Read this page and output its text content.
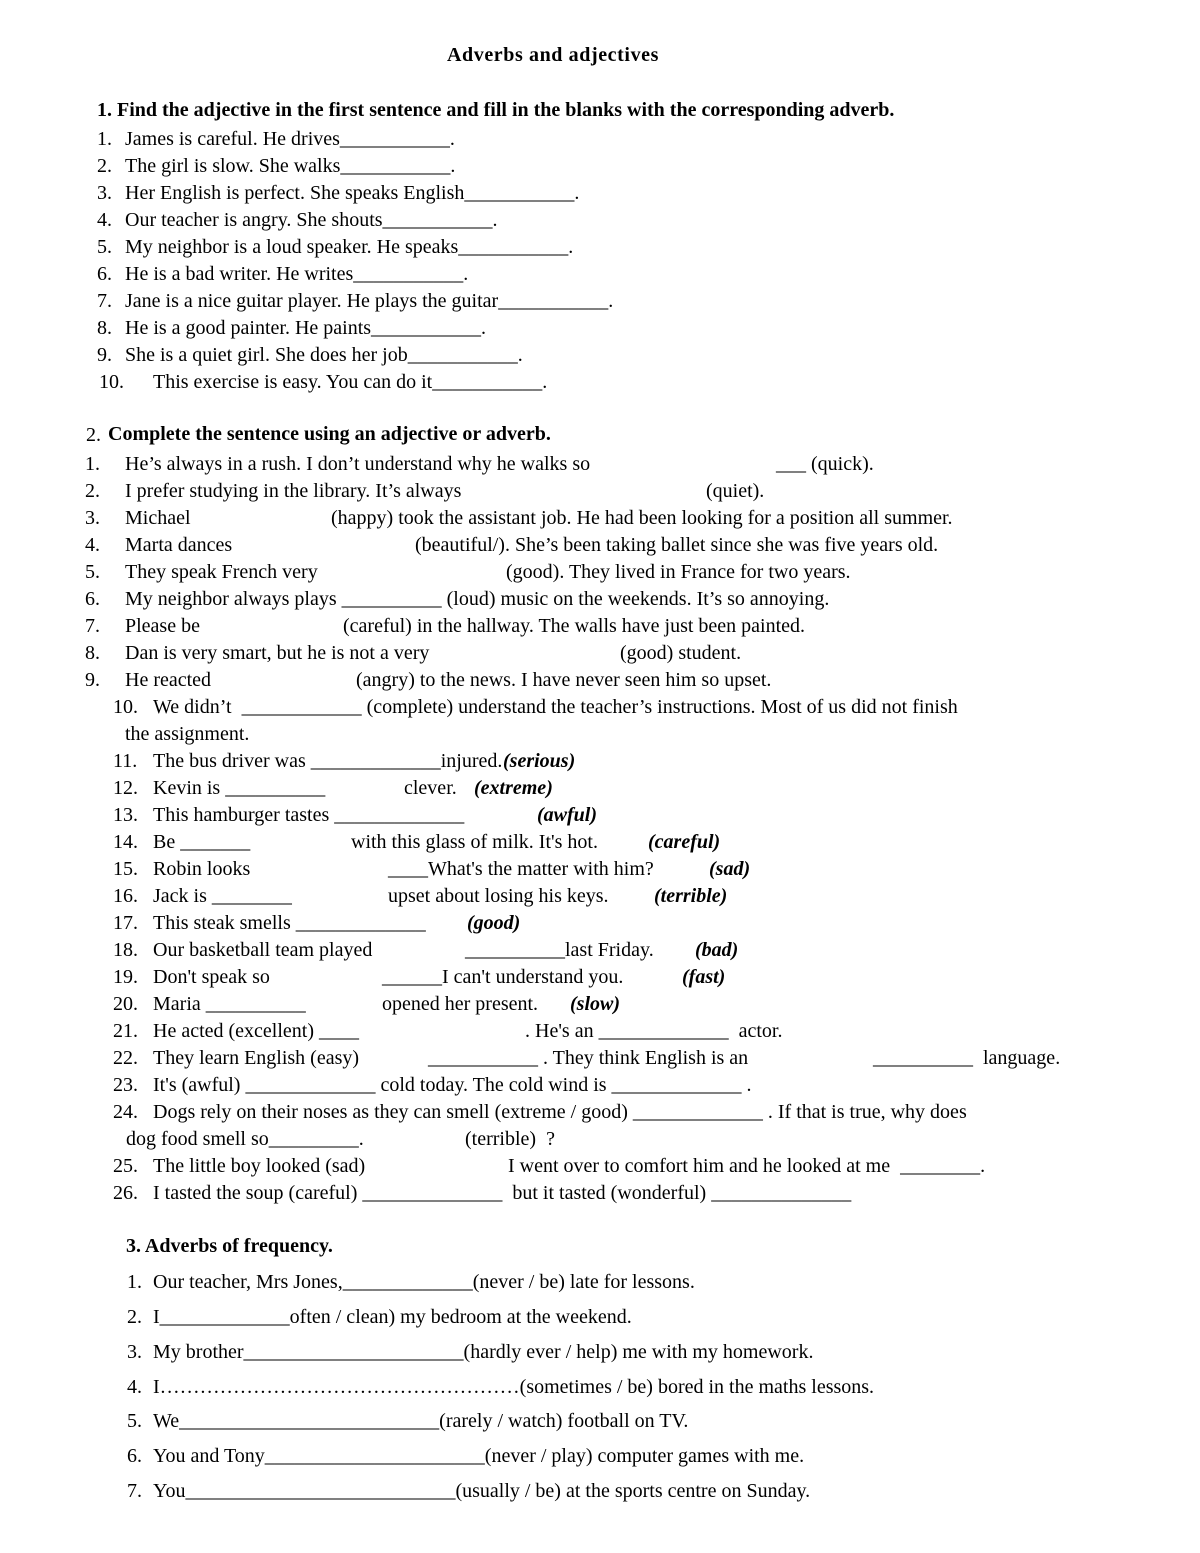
Adverbs and adjectives
1. Find the adjective in the first sentence and fill in the blanks with the corresponding adverb.
1. James is careful. He drives___________.
2. The girl is slow. She walks___________.
3. Her English is perfect. She speaks English___________.
4. Our teacher is angry. She shouts___________.
5. My neighbor is a loud speaker. He speaks___________.
6. He is a bad writer. He writes___________.
7. Jane is a nice guitar player. He plays the guitar___________.
8. He is a good painter. He paints___________.
9. She is a quiet girl. She does her job___________.
10. This exercise is easy. You can do it___________.
2. Complete the sentence using an adjective or adverb.
1. He’s always in a rush. I don’t understand why he walks so	___ (quick).
2. I prefer studying in the library. It’s always	(quiet).
3. Michael	(happy) took the assistant job. He had been looking for a position all summer.
4. Marta dances	(beautiful/). She’s been taking ballet since she was five years old.
5. They speak French very	(good). They lived in France for two years.
6. My neighbor always plays __________ (loud) music on the weekends. It’s so annoying.
7. Please be	(careful) in the hallway. The walls have just been painted.
8. Dan is very smart, but he is not a very	(good) student.
9. He reacted	(angry) to the news. I have never seen him so upset.
10. We didn’t  ____________ (complete) understand the teacher’s instructions. Most of us did not finish
the assignment.
11. The bus driver was _____________injured. (serious)
12. Kevin is __________	clever. (extreme)
13. This hamburger tastes _____________	(awful)
14. Be _______	with this glass of milk. It's hot.	(careful)
15. Robin looks	____What's the matter with him?	(sad)
16. Jack is ________	upset about losing his keys. (terrible)
17. This steak smells _____________ (good)
18. Our basketball team played	__________last Friday. (bad)
19. Don't speak so	______I can't understand you.	(fast)
20. Maria __________	opened her present. (slow)
21. He acted (excellent) ____	. He's an _____________  actor.
22. They learn English (easy)	___________ . They think English is an	__________  language.
23. It's (awful) _____________ cold today. The cold wind is _____________ .
24. Dogs rely on their noses as they can smell (extreme / good) _____________ . If that is true, why does
dog food smell so_________.	(terrible)  ?
25. The little boy looked (sad)	I went over to comfort him and he looked at me  ________.
26. I tasted the soup (careful) ______________  but it tasted (wonderful) ______________
3. Adverbs of frequency.
1. Our teacher, Mrs Jones,_____________(never / be) late for lessons.
2. I_____________often / clean) my bedroom at the weekend.
3. My brother______________________(hardly ever / help) me with my homework.
4. I………………………………………………(sometimes / be) bored in the maths lessons.
5. We__________________________(rarely / watch) football on TV.
6. You and Tony______________________(never / play) computer games with me.
7. You___________________________(usually / be) at the sports centre on Sunday.
